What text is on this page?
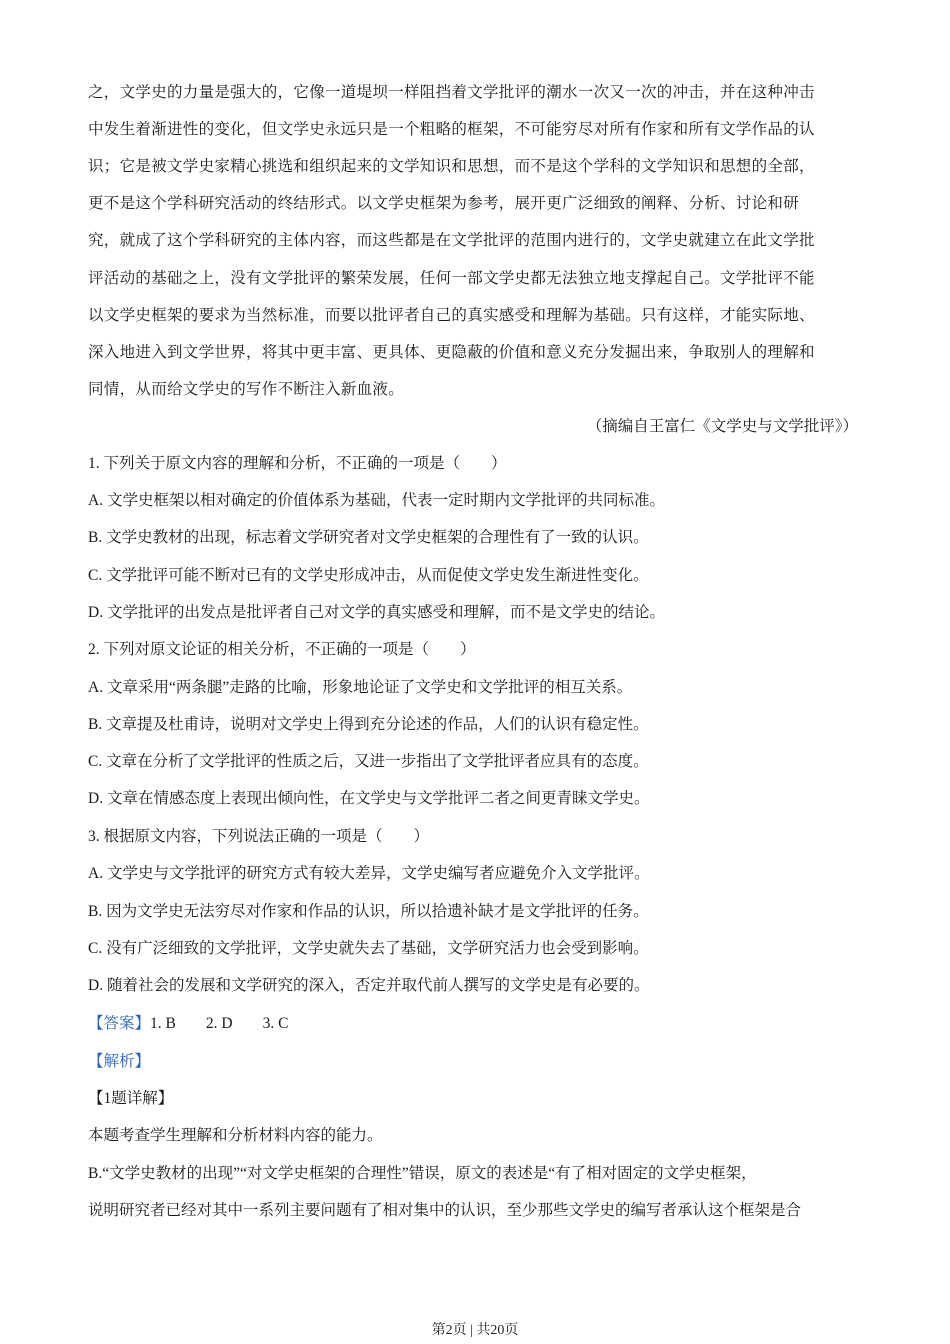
之，文学史的力量是强大的，它像一道堤坝一样阻挡着文学批评的潮水一次又一次的冲击，并在这种冲击
中发生着渐进性的变化，但文学史永远只是一个粗略的框架，不可能穷尽对所有作家和所有文学作品的认
识；它是被文学史家精心挑选和组织起来的文学知识和思想，而不是这个学科的文学知识和思想的全部，
更不是这个学科研究活动的终结形式。以文学史框架为参考，展开更广泛细致的阐释、分析、讨论和研
究，就成了这个学科研究的主体内容，而这些都是在文学批评的范围内进行的，文学史就建立在此文学批
评活动的基础之上，没有文学批评的繁荣发展，任何一部文学史都无法独立地支撑起自己。文学批评不能
以文学史框架的要求为当然标准，而要以批评者自己的真实感受和理解为基础。只有这样，才能实际地、
深入地进入到文学世界，将其中更丰富、更具体、更隐蔽的价值和意义充分发掘出来，争取别人的理解和
同情，从而给文学史的写作不断注入新血液。
（摘编自王富仁《文学史与文学批评》）
1. 下列关于原文内容的理解和分析，不正确的一项是（　　）
A. 文学史框架以相对确定的价值体系为基础，代表一定时期内文学批评的共同标准。
B. 文学史教材的出现，标志着文学研究者对文学史框架的合理性有了一致的认识。
C. 文学批评可能不断对已有的文学史形成冲击，从而促使文学史发生渐进性变化。
D. 文学批评的出发点是批评者自己对文学的真实感受和理解，而不是文学史的结论。
2. 下列对原文论证的相关分析，不正确的一项是（　　）
A. 文章采用“两条腿”走路的比喻，形象地论证了文学史和文学批评的相互关系。
B. 文章提及杜甫诗，说明对文学史上得到充分论述的作品，人们的认识有稳定性。
C. 文章在分析了文学批评的性质之后，又进一步指出了文学批评者应具有的态度。
D. 文章在情感态度上表现出倾向性，在文学史与文学批评二者之间更青睐文学史。
3. 根据原文内容，下列说法正确的一项是（　　）
A. 文学史与文学批评的研究方式有较大差异，文学史编写者应避免介入文学批评。
B. 因为文学史无法穷尽对作家和作品的认识，所以拾遗补缺才是文学批评的任务。
C. 没有广泛细致的文学批评，文学史就失去了基础，文学研究活力也会受到影响。
D. 随着社会的发展和文学研究的深入，否定并取代前人撰写的文学史是有必要的。
【答案】1. B 2. D 3. C
【解析】
【1题详解】
本题考查学生理解和分析材料内容的能力。
B.“文学史教材的出现”“对文学史框架的合理性”错误，原文的表述是“有了相对固定的文学史框架，
说明研究者已经对其中一系列主要问题有了相对集中的认识，至少那些文学史的编写者承认这个框架是合
第2页 | 共20页
